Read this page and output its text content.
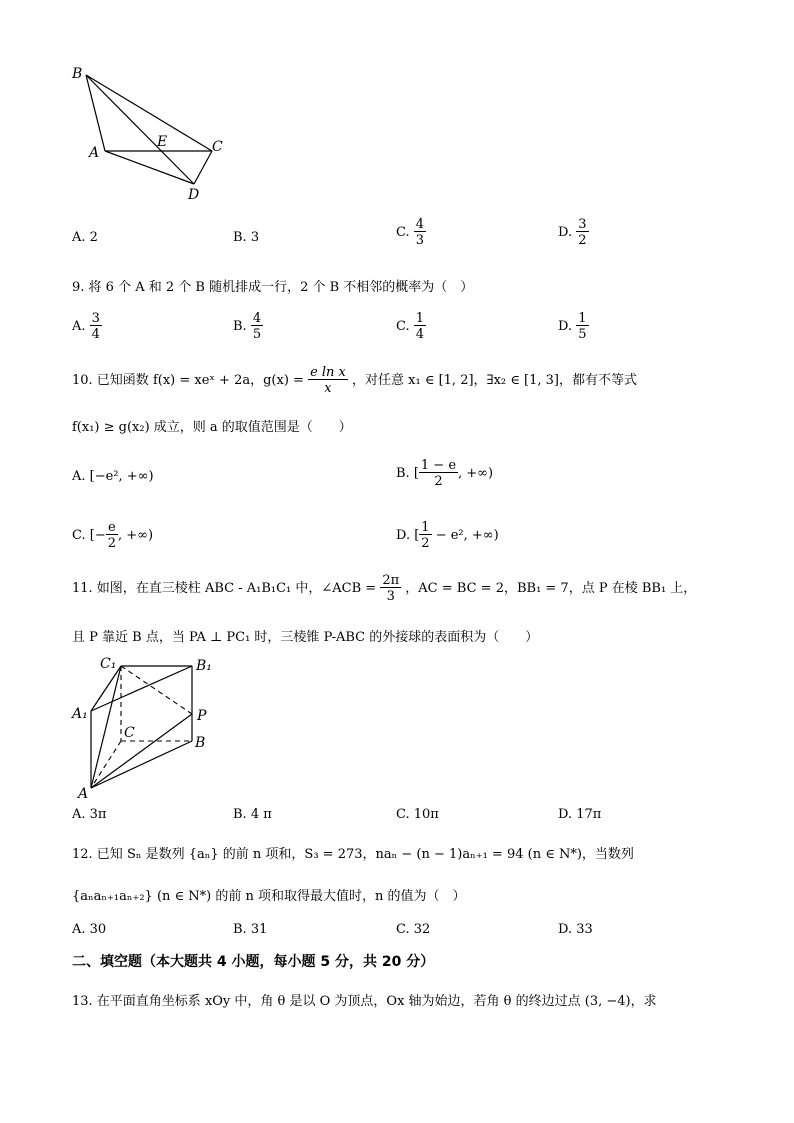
B
A
E	C
D
A. 2	B. 3	C. $\frac{4}{3}$	D. $\frac{3}{2}$
9. 将 6 个 A 和 2 个 B 随机排成一行，2 个 B 不相邻的概率为（　）
A. $\frac{3}{4}$	B. $\frac{4}{5}$	C. $\frac{1}{4}$	D. $\frac{1}{5}$
10. 已知函数 f(x) = xeˣ + 2a，$g(x) = \frac{\text{e ln x}}{x}$ ，对任意 x₁ ∈ [1, 2]，∃x₂ ∈ [1, 3]，都有不等式
f(x₁) ≥ g(x₂) 成立，则 a 的取值范围是（　　）
A. [−e², +∞)	B. [ $\frac{1 - e}{2}$ , +∞)
C. [− $\frac{e}{2}$ , +∞)	D. [ $\frac{1}{2} - e^2$, +∞)
11. 如图，在直三棱柱 ABC - A₁B₁C₁ 中，∠ACB = $\frac{2\pi}{3}$ ，AC = BC = 2，BB₁ = 7，点 P 在棱 BB₁ 上，
且 P 靠近 B 点，当 PA ⊥ PC₁ 时，三棱锥 P-ABC 的外接球的表面积为（　　）
C₁	B₁
A₁	P
C
B
A
A. 3π	B. 4 π	C. 10π	D. 17π
12. 已知 Sₙ 是数列 {aₙ} 的前 n 项和，S₃ = 273，naₙ − (n − 1)aₙ₊₁ = 94 (n ∈ N*)，当数列
{aₙaₙ₊₁aₙ₊₂} (n ∈ N*) 的前 n 项和取得最大值时，n 的值为（　）
A. 30	B. 31	C. 32	D. 33
二、填空题（本大题共 4 小题，每小题 5 分，共 20 分）
13. 在平面直角坐标系 xOy 中，角 θ 是以 O 为顶点，Ox 轴为始边，若角 θ 的终边过点 (3, −4)，求
